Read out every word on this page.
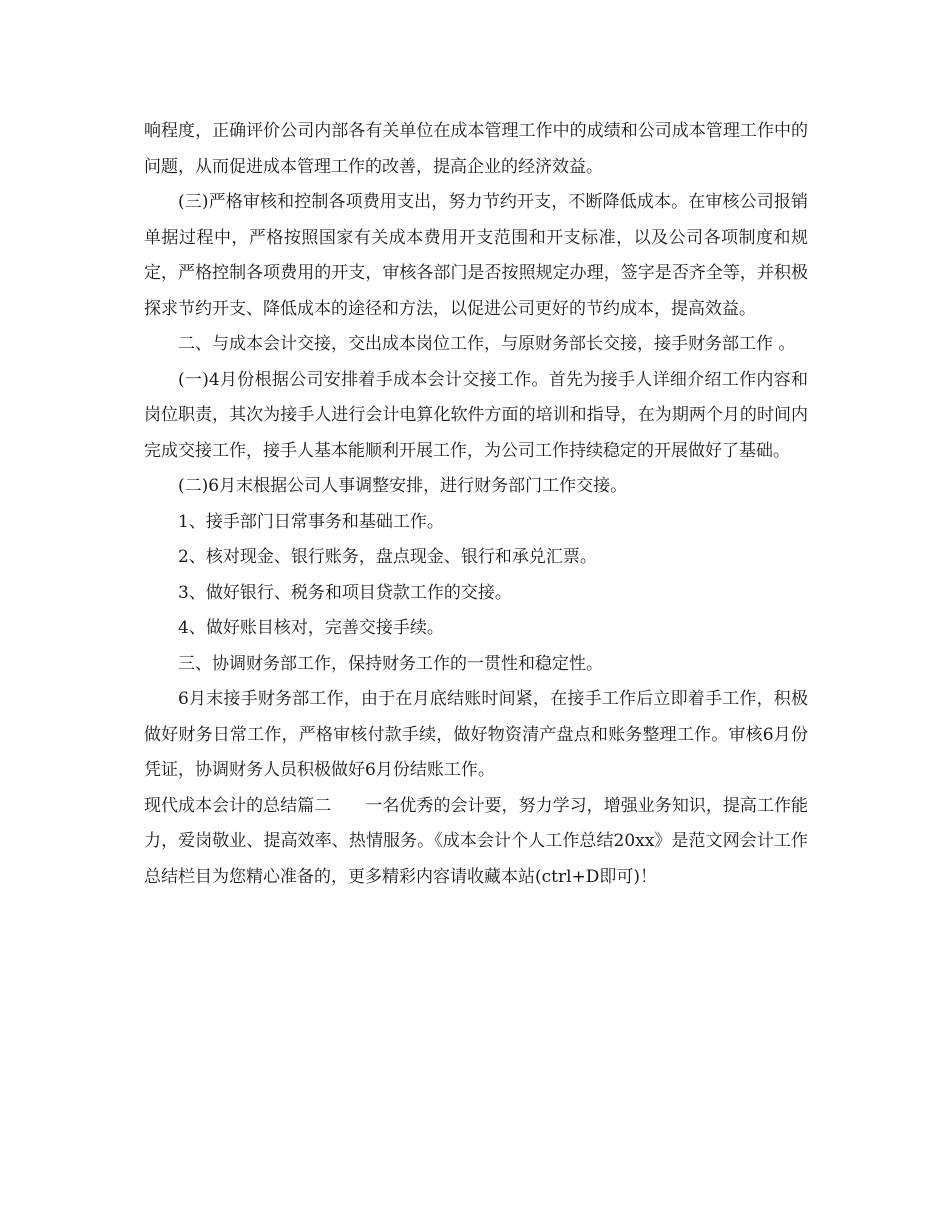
响程度，正确评价公司内部各有关单位在成本管理工作中的成绩和公司成本管理工作中的问题，从而促进成本管理工作的改善，提高企业的经济效益。

(三)严格审核和控制各项费用支出，努力节约开支，不断降低成本。在审核公司报销单据过程中，严格按照国家有关成本费用开支范围和开支标准，以及公司各项制度和规定，严格控制各项费用的开支，审核各部门是否按照规定办理，签字是否齐全等，并积极探求节约开支、降低成本的途径和方法，以促进公司更好的节约成本，提高效益。

二、与成本会计交接，交出成本岗位工作，与原财务部长交接，接手财务部工作 。

(一)4月份根据公司安排着手成本会计交接工作。首先为接手人详细介绍工作内容和岗位职责，其次为接手人进行会计电算化软件方面的培训和指导，在为期两个月的时间内完成交接工作，接手人基本能顺利开展工作，为公司工作持续稳定的开展做好了基础。

(二)6月末根据公司人事调整安排，进行财务部门工作交接。

1、接手部门日常事务和基础工作。

2、核对现金、银行账务，盘点现金、银行和承兑汇票。

3、做好银行、税务和项目贷款工作的交接。

4、做好账目核对，完善交接手续。

三、协调财务部工作，保持财务工作的一贯性和稳定性。

6月末接手财务部工作，由于在月底结账时间紧，在接手工作后立即着手工作，积极做好财务日常工作，严格审核付款手续，做好物资清产盘点和账务整理工作。审核6月份凭证，协调财务人员积极做好6月份结账工作。

现代成本会计的总结篇二　　一名优秀的会计要，努力学习，增强业务知识，提高工作能力，爱岗敬业、提高效率、热情服务。《成本会计个人工作总结20xx》是范文网会计工作总结栏目为您精心准备的，更多精彩内容请收藏本站(ctrl+D即可)！
